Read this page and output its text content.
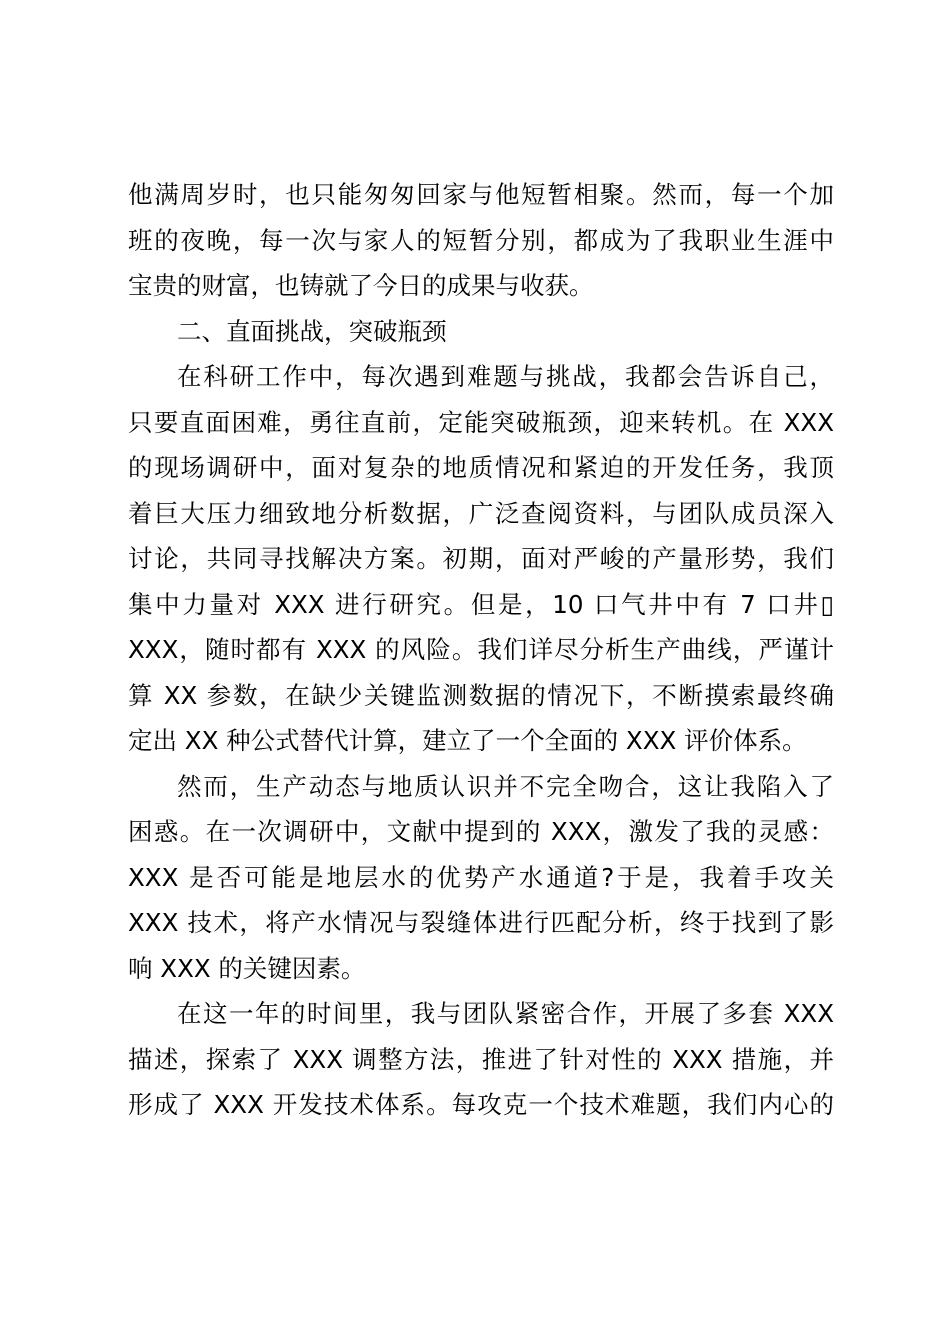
他满周岁时，也只能匆匆回家与他短暂相聚。然而，每一个加
班的夜晚，每一次与家人的短暂分别，都成为了我职业生涯中
宝贵的财富，也铸就了今日的成果与收获。
二、直面挑战，突破瓶颈
在科研工作中，每次遇到难题与挑战，我都会告诉自己，
只要直面困难，勇往直前，定能突破瓶颈，迎来转机。在 XXX
的现场调研中，面对复杂的地质情况和紧迫的开发任务，我顶
着巨大压力细致地分析数据，广泛查阅资料，与团队成员深入
讨论，共同寻找解决方案。初期，面对严峻的产量形势，我们
集中力量对 XXX 进行研究。但是，10 口气井中有 7 口井▯
XXX，随时都有 XXX 的风险。我们详尽分析生产曲线，严谨计
算 XX 参数，在缺少关键监测数据的情况下，不断摸索最终确
定出 XX 种公式替代计算，建立了一个全面的 XXX 评价体系。
然而，生产动态与地质认识并不完全吻合，这让我陷入了
困惑。在一次调研中，文献中提到的 XXX，激发了我的灵感：
XXX 是否可能是地层水的优势产水通道?于是，我着手攻关
XXX 技术，将产水情况与裂缝体进行匹配分析，终于找到了影
响 XXX 的关键因素。
在这一年的时间里，我与团队紧密合作，开展了多套 XXX
描述，探索了 XXX 调整方法，推进了针对性的 XXX 措施，并
形成了 XXX 开发技术体系。每攻克一个技术难题，我们内心的
